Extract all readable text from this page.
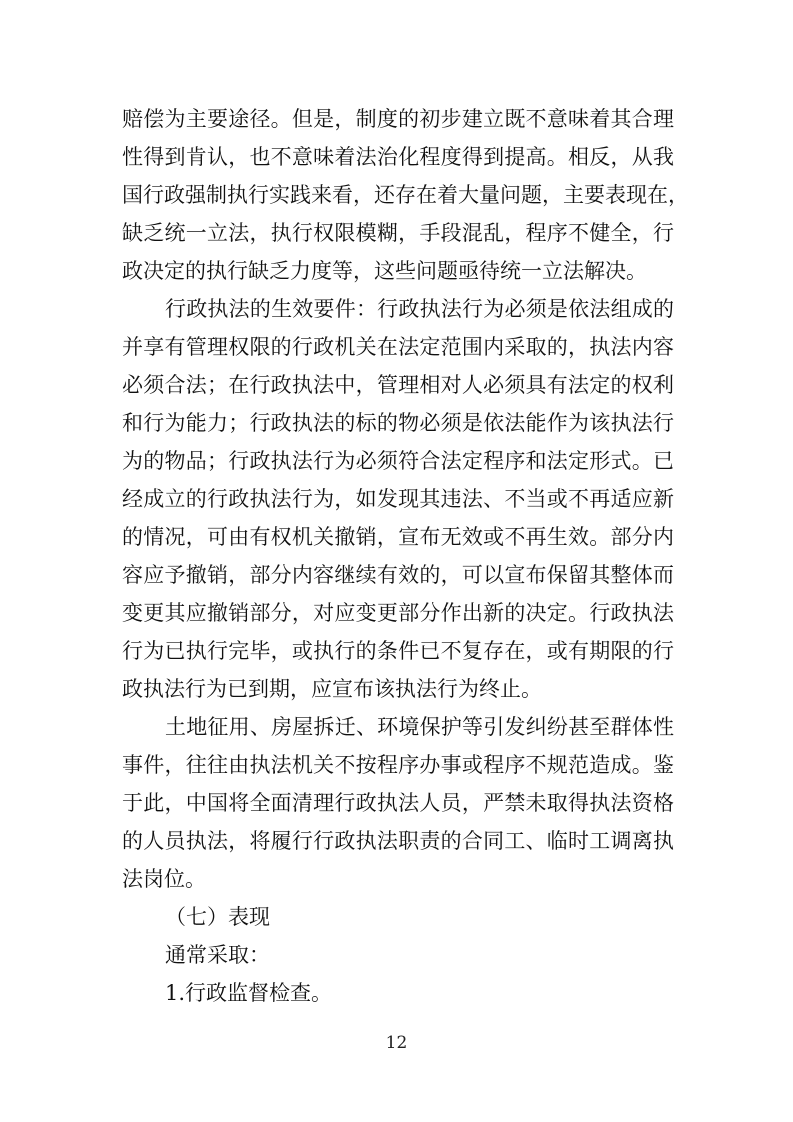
赔偿为主要途径。但是，制度的初步建立既不意味着其合理
性得到肯认，也不意味着法治化程度得到提高。相反，从我
国行政强制执行实践来看，还存在着大量问题，主要表现在，
缺乏统一立法，执行权限模糊，手段混乱，程序不健全，行
政决定的执行缺乏力度等，这些问题亟待统一立法解决。
行政执法的生效要件：行政执法行为必须是依法组成的
并享有管理权限的行政机关在法定范围内采取的，执法内容
必须合法；在行政执法中，管理相对人必须具有法定的权利
和行为能力；行政执法的标的物必须是依法能作为该执法行
为的物品；行政执法行为必须符合法定程序和法定形式。已
经成立的行政执法行为，如发现其违法、不当或不再适应新
的情况，可由有权机关撤销，宣布无效或不再生效。部分内
容应予撤销，部分内容继续有效的，可以宣布保留其整体而
变更其应撤销部分，对应变更部分作出新的决定。行政执法
行为已执行完毕，或执行的条件已不复存在，或有期限的行
政执法行为已到期，应宣布该执法行为终止。
土地征用、房屋拆迁、环境保护等引发纠纷甚至群体性
事件，往往由执法机关不按程序办事或程序不规范造成。鉴
于此，中国将全面清理行政执法人员，严禁未取得执法资格
的人员执法，将履行行政执法职责的合同工、临时工调离执
法岗位。
（七）表现
通常采取：
1.行政监督检查。
12
